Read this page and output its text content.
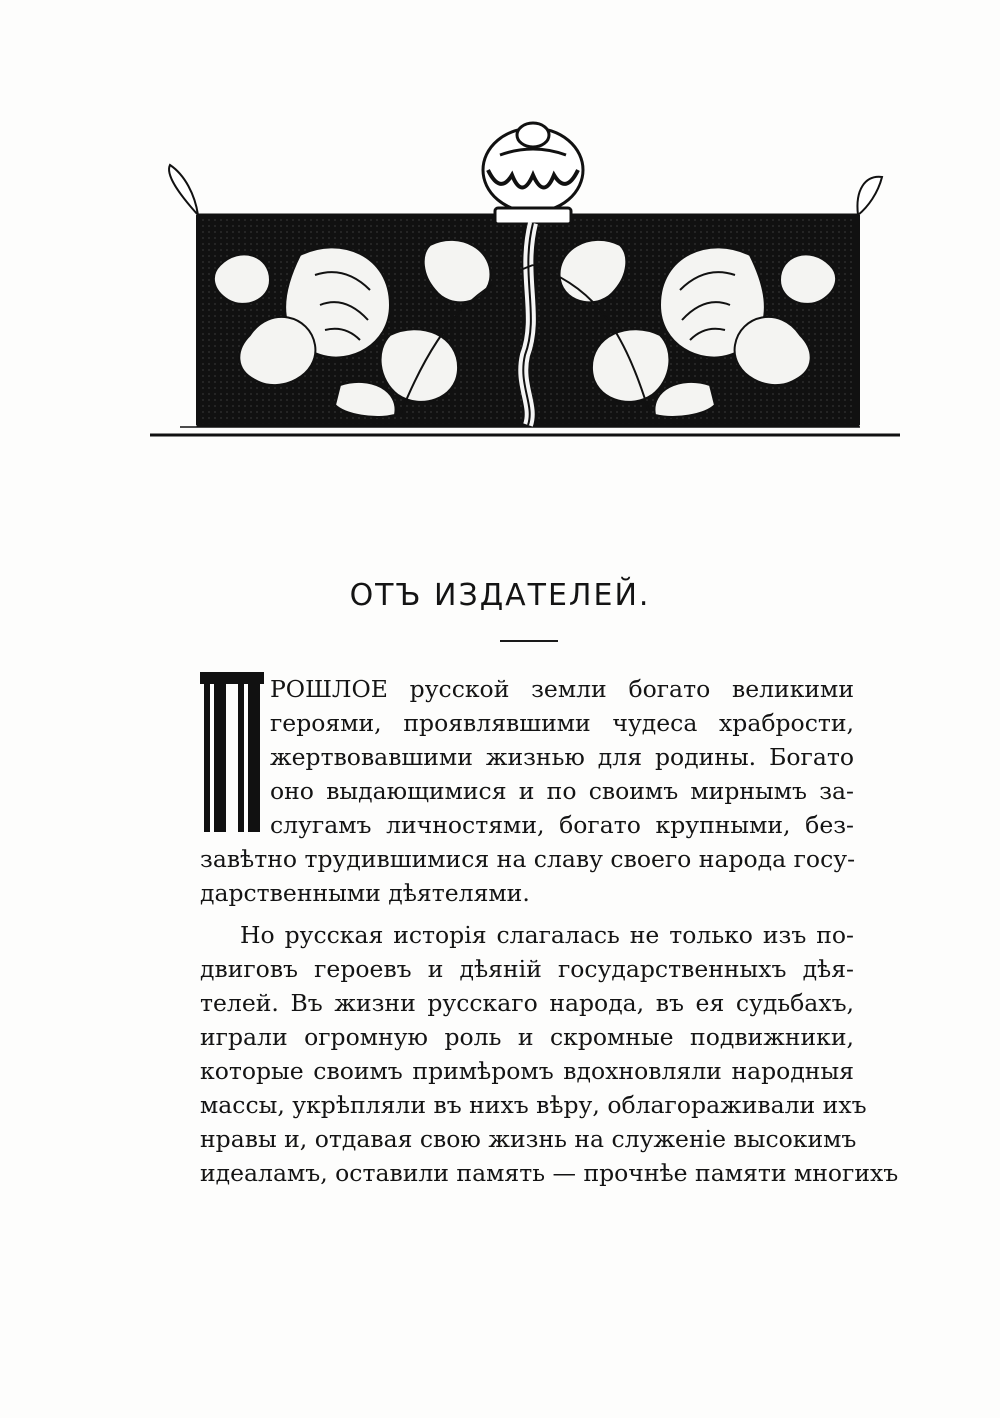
ОТЪ ИЗДАТЕЛЕЙ.
П
РОШЛОЕ русской земли богато великими
героями, проявлявшими чудеса храбрости,
жертвовавшими жизнью для родины. Богато
оно выдающимися и по своимъ мирнымъ за-
слугамъ личностями, богато крупными, без-
завѣтно трудившимися на славу своего народа госу-
дарственными дѣятелями.
Но русская исторія слагалась не только изъ по-
двиговъ героевъ и дѣяній государственныхъ дѣя-
телей. Въ жизни русскаго народа, въ ея судьбахъ,
играли огромную роль и скромные подвижники,
которые своимъ примѣромъ вдохновляли народныя
массы, укрѣпляли въ нихъ вѣру, облагораживали ихъ
нравы и, отдавая свою жизнь на служеніе высокимъ
идеаламъ, оставили память — прочнѣе памяти многихъ
